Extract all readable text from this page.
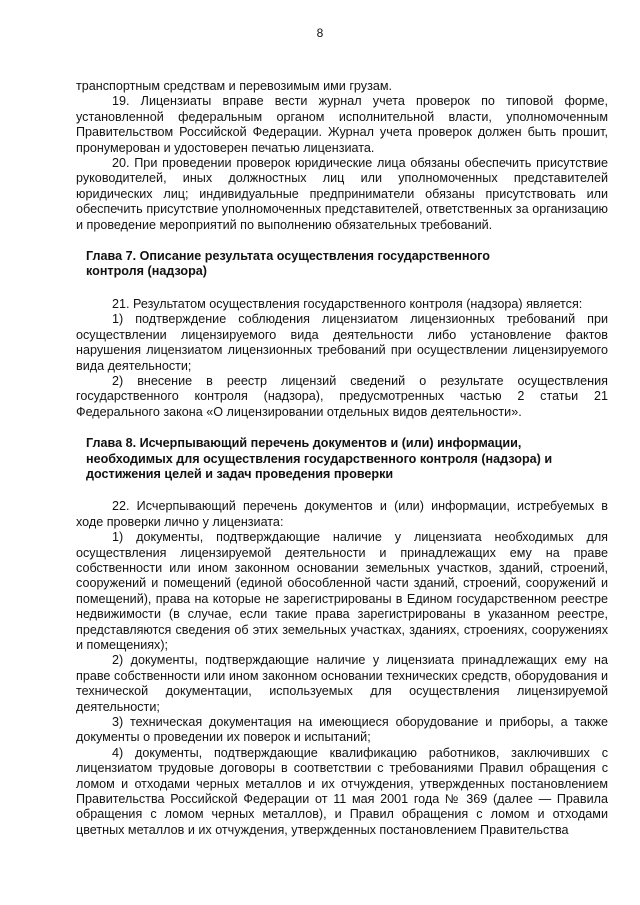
8

транспортным средствам и перевозимым ими грузам.

19. Лицензиаты вправе вести журнал учета проверок по типовой форме, установленной федеральным органом исполнительной власти, уполномоченным Правительством Российской Федерации. Журнал учета проверок должен быть прошит, пронумерован и удостоверен печатью лицензиата.

20. При проведении проверок юридические лица обязаны обеспечить присутствие руководителей, иных должностных лиц или уполномоченных представителей юридических лиц; индивидуальные предприниматели обязаны присутствовать или обеспечить присутствие уполномоченных представителей, ответственных за организацию и проведение мероприятий по выполнению обязательных требований.

Глава 7. Описание результата осуществления государственного

контроля (надзора)

21. Результатом осуществления государственного контроля (надзора) является:

1) подтверждение соблюдения лицензиатом лицензионных требований при осуществлении лицензируемого вида деятельности либо установление фактов нарушения лицензиатом лицензионных требований при осуществлении лицензируемого вида деятельности;

2) внесение в реестр лицензий сведений о результате осуществления государственного контроля (надзора), предусмотренных частью 2 статьи 21 Федерального закона «О лицензировании отдельных видов деятельности».

Глава 8. Исчерпывающий перечень документов и (или) информации,

необходимых для осуществления государственного контроля (надзора) и

достижения целей и задач проведения проверки

22. Исчерпывающий перечень документов и (или) информации, истребуемых в ходе проверки лично у лицензиата:

1) документы, подтверждающие наличие у лицензиата необходимых для осуществления лицензируемой деятельности и принадлежащих ему на праве собственности или ином законном основании земельных участков, зданий, строений, сооружений и помещений (единой обособленной части зданий, строений, сооружений и помещений), права на которые не зарегистрированы в Едином государственном реестре недвижимости (в случае, если такие права зарегистрированы в указанном реестре, представляются сведения об этих земельных участках, зданиях, строениях, сооружениях и помещениях);

2) документы, подтверждающие наличие у лицензиата принадлежащих ему на праве собственности или ином законном основании технических средств, оборудования и технической документации, используемых для осуществления лицензируемой деятельности;

3) техническая документация на имеющиеся оборудование и приборы, а также документы о проведении их поверок и испытаний;

4) документы, подтверждающие квалификацию работников, заключивших с лицензиатом трудовые договоры в соответствии с требованиями Правил обращения с ломом и отходами черных металлов и их отчуждения, утвержденных постановлением Правительства Российской Федерации от 11 мая 2001 года № 369 (далее — Правила обращения с ломом черных металлов), и Правил обращения с ломом и отходами цветных металлов и их отчуждения, утвержденных постановлением Правительства
